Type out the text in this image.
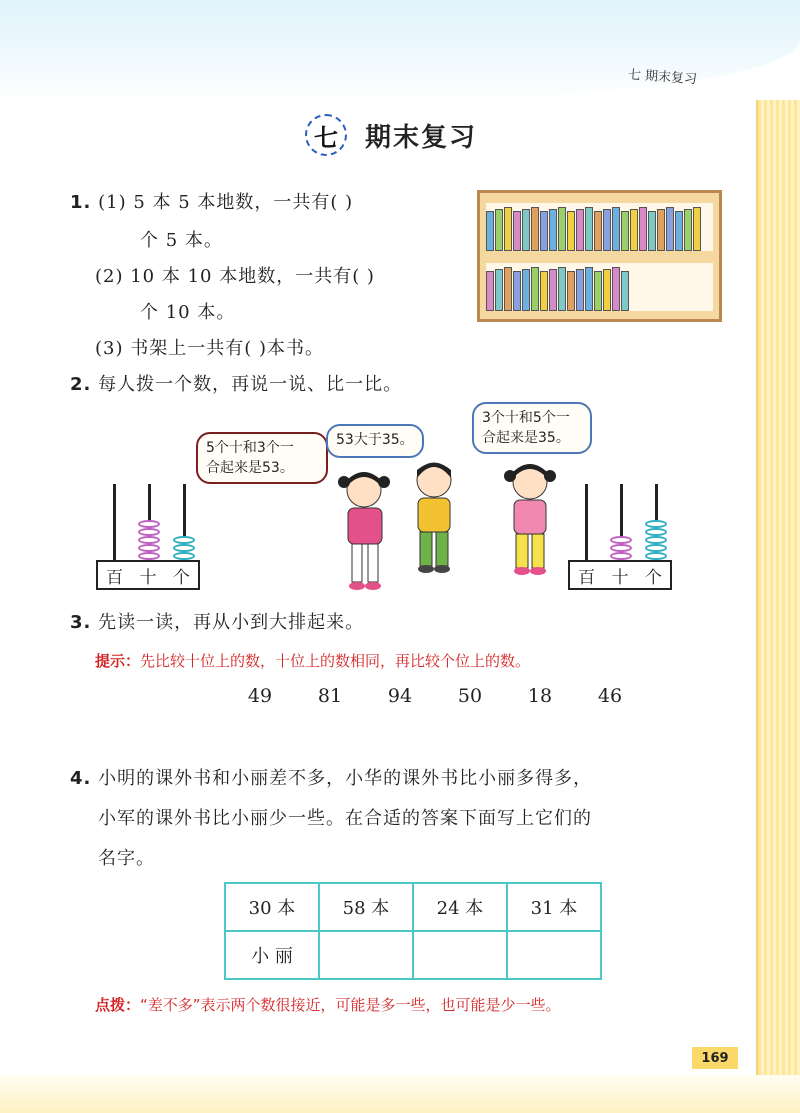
七 期末复习
七	期末复习
1. (1) 5 本 5 本地数，一共有( )
个 5 本。
(2) 10 本 10 本地数，一共有( )
个 10 本。
(3) 书架上一共有( )本书。
2. 每人拨一个数，再说一说、比一比。
5个十和3个一
合起来是53。
53大于35。
3个十和5个一
合起来是35。
百 十 个	百 十 个
3. 先读一读，再从小到大排起来。
提示：先比较十位上的数，十位上的数相同，再比较个位上的数。
49	81	94	50	18	46
4. 小明的课外书和小丽差不多，小华的课外书比小丽多得多，
小军的课外书比小丽少一些。在合适的答案下面写上它们的
名字。
30 本	58 本	24 本	31 本
小 丽			
点拨：“差不多”表示两个数很接近，可能是多一些，也可能是少一些。
169
